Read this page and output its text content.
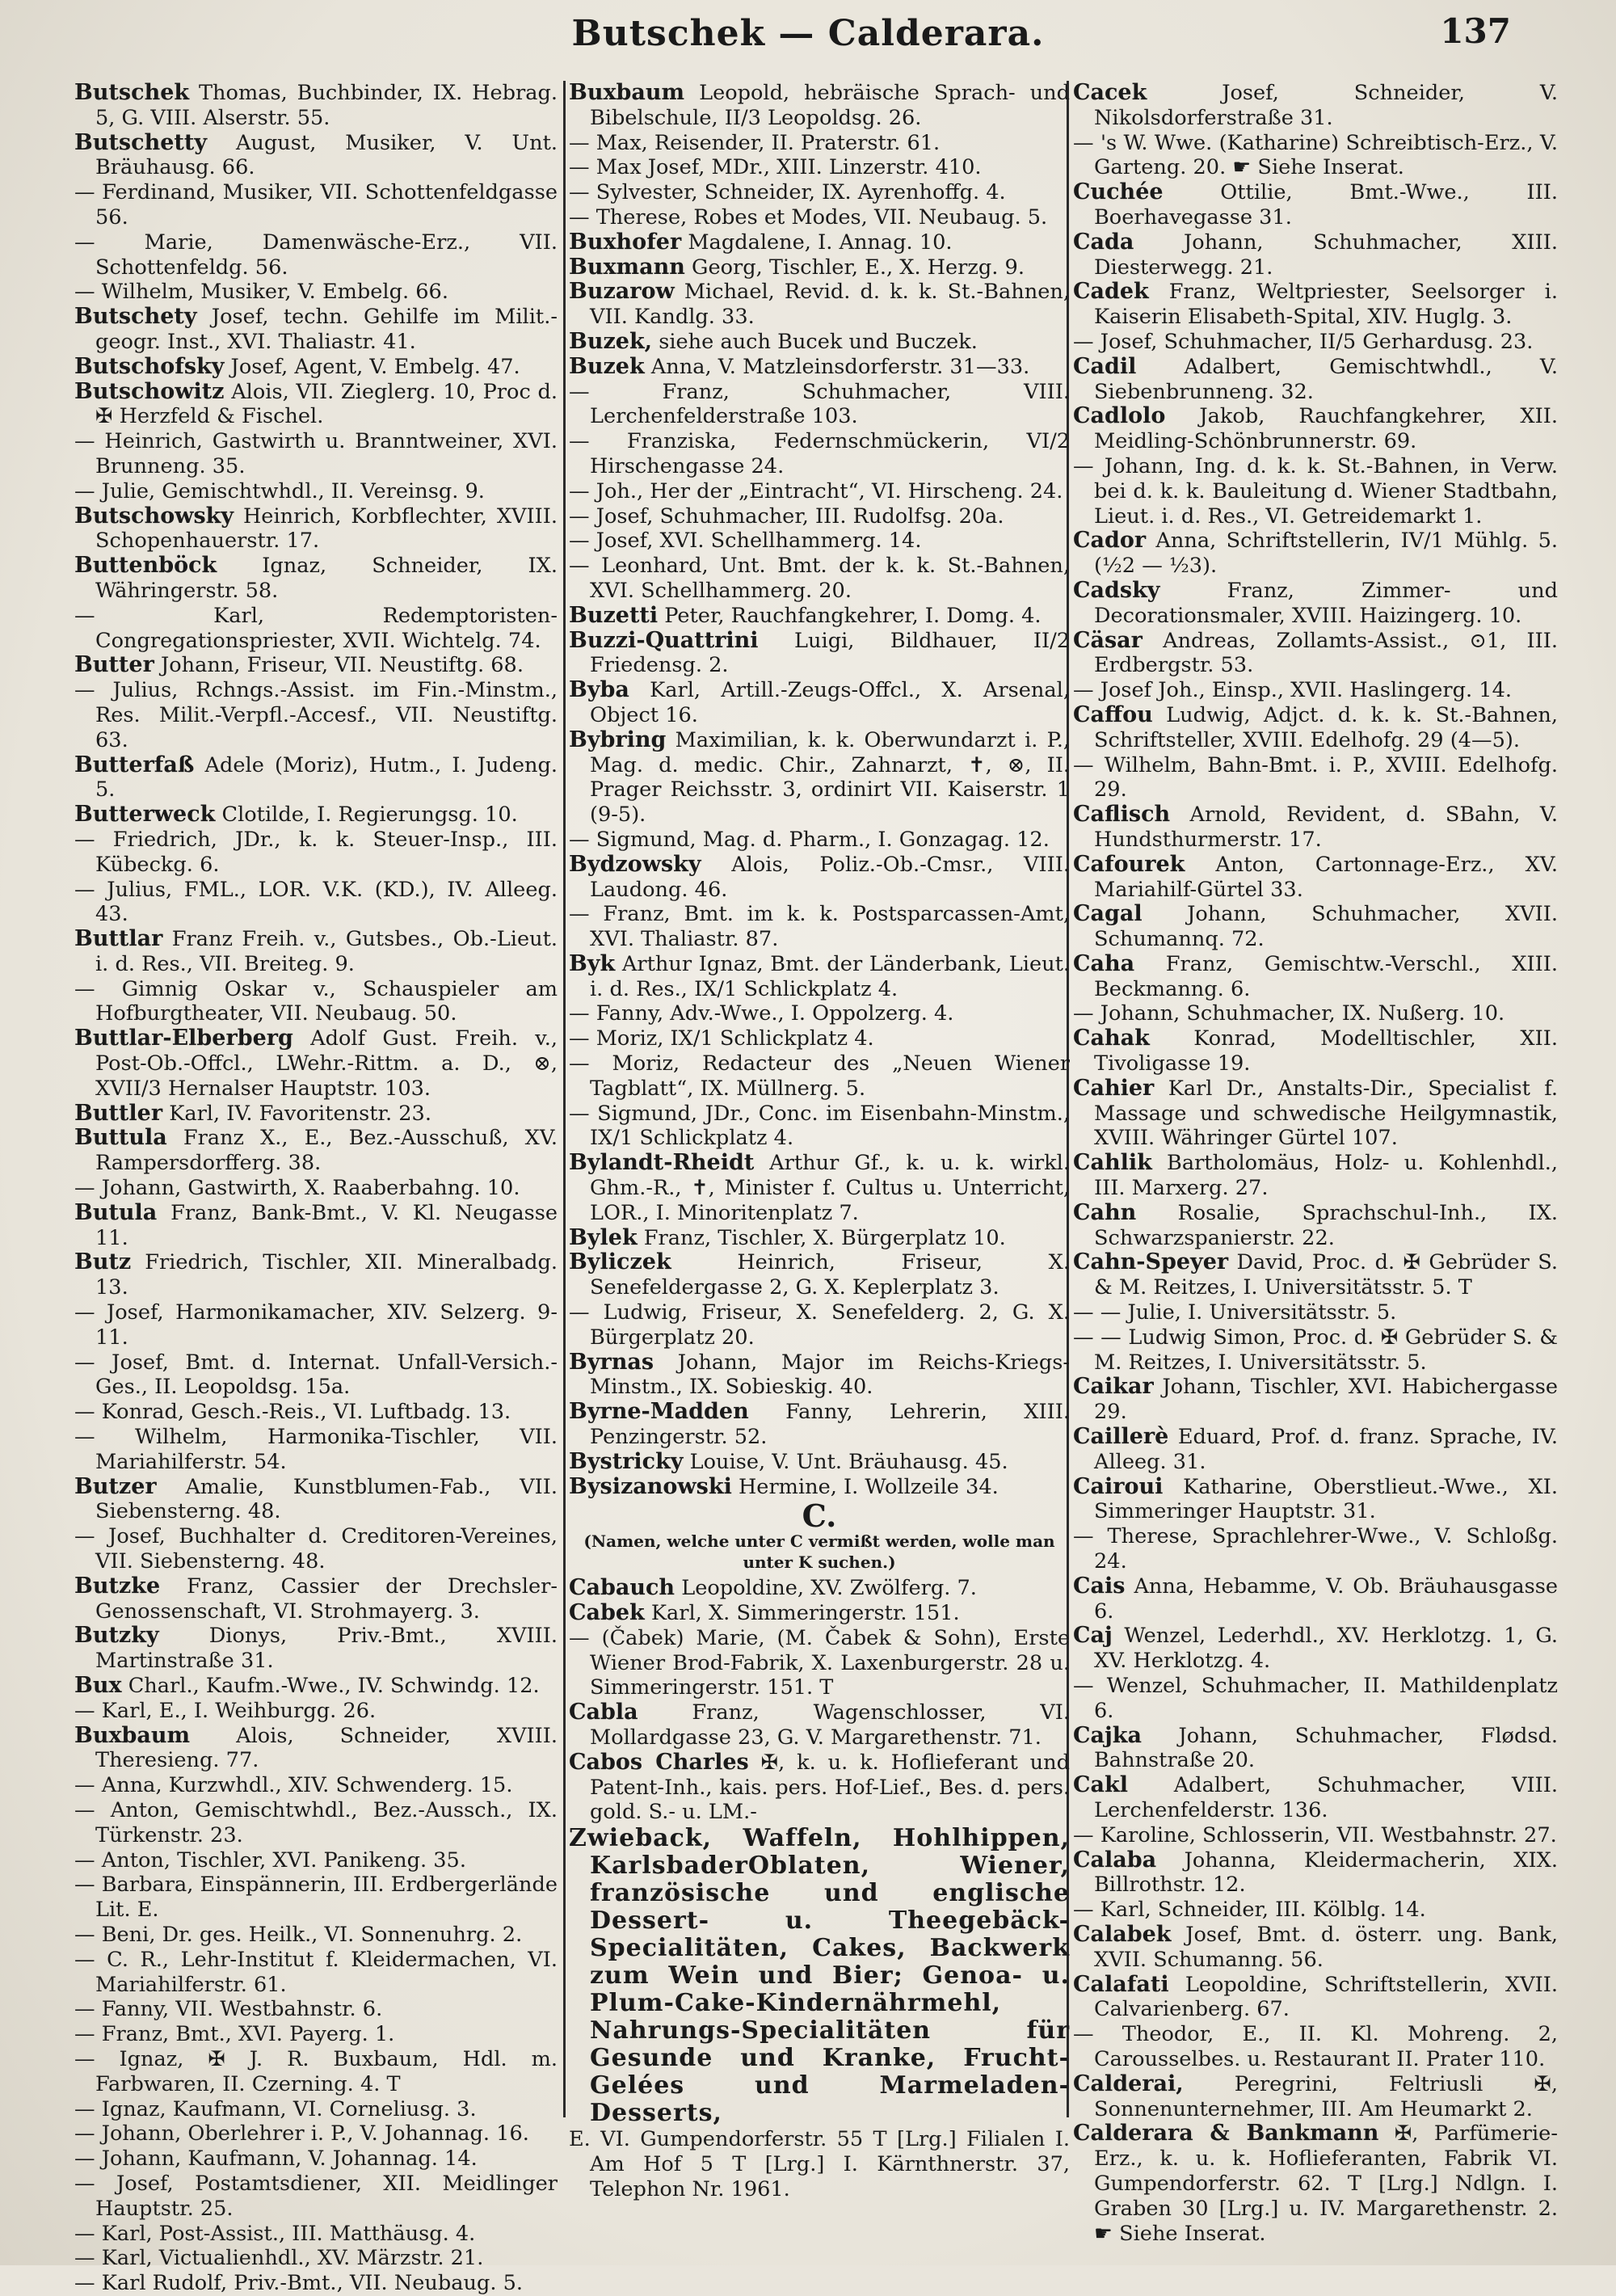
Butschek — Calderara.	137

Butschek Thomas, Buchbinder, IX. Hebrag. 5, G. VIII. Alserstr. 55.

Butschetty August, Musiker, V. Unt. Bräuhausg. 66.

— Ferdinand, Musiker, VII. Schottenfeldgasse 56.

— Marie, Damenwäsche-Erz., VII. Schottenfeldg. 56.

— Wilhelm, Musiker, V. Embelg. 66.

Butschety Josef, techn. Gehilfe im Milit.-geogr. Inst., XVI. Thaliastr. 41.

Butschofsky Josef, Agent, V. Embelg. 47.

Butschowitz Alois, VII. Zieglerg. 10, Proc d. ✠ Herzfeld & Fischel.

— Heinrich, Gastwirth u. Branntweiner, XVI. Brunneng. 35.

— Julie, Gemischtwhdl., II. Vereinsg. 9.

Butschowsky Heinrich, Korbflechter, XVIII. Schopenhauerstr. 17.

Buttenböck Ignaz, Schneider, IX. Währingerstr. 58.

— Karl, Redemptoristen-Congregationspriester, XVII. Wichtelg. 74.

Butter Johann, Friseur, VII. Neustiftg. 68.

— Julius, Rchngs.-Assist. im Fin.-Minstm., Res. Milit.-Verpfl.-Accesf., VII. Neustiftg. 63.

Butterfaß Adele (Moriz), Hutm., I. Judeng. 5.

Butterweck Clotilde, I. Regierungsg. 10.

— Friedrich, JDr., k. k. Steuer-Insp., III. Kübeckg. 6.

— Julius, FML., LOR. V.K. (KD.), IV. Alleeg. 43.

Buttlar Franz Freih. v., Gutsbes., Ob.-Lieut. i. d. Res., VII. Breiteg. 9.

— Gimnig Oskar v., Schauspieler am Hofburgtheater, VII. Neubaug. 50.

Buttlar-Elberberg Adolf Gust. Freih. v., Post-Ob.-Offcl., LWehr.-Rittm. a. D., ⊗, XVII/3 Hernalser Hauptstr. 103.

Buttler Karl, IV. Favoritenstr. 23.

Buttula Franz X., E., Bez.-Ausschuß, XV. Rampersdorfferg. 38.

— Johann, Gastwirth, X. Raaberbahng. 10.

Butula Franz, Bank-Bmt., V. Kl. Neugasse 11.

Butz Friedrich, Tischler, XII. Mineralbadg. 13.

— Josef, Harmonikamacher, XIV. Selzerg. 9-11.

— Josef, Bmt. d. Internat. Unfall-Versich.-Ges., II. Leopoldsg. 15a.

— Konrad, Gesch.-Reis., VI. Luftbadg. 13.

— Wilhelm, Harmonika-Tischler, VII. Mariahilferstr. 54.

Butzer Amalie, Kunstblumen-Fab., VII. Siebensterng. 48.

— Josef, Buchhalter d. Creditoren-Vereines, VII. Siebensterng. 48.

Butzke Franz, Cassier der Drechsler-Genossenschaft, VI. Strohmayerg. 3.

Butzky Dionys, Priv.-Bmt., XVIII. Martinstraße 31.

Bux Charl., Kaufm.-Wwe., IV. Schwindg. 12.

— Karl, E., I. Weihburgg. 26.

Buxbaum Alois, Schneider, XVIII. Theresieng. 77.

— Anna, Kurzwhdl., XIV. Schwenderg. 15.

— Anton, Gemischtwhdl., Bez.-Aussch., IX. Türkenstr. 23.

— Anton, Tischler, XVI. Panikeng. 35.

— Barbara, Einspännerin, III. Erdbergerlände Lit. E.

— Beni, Dr. ges. Heilk., VI. Sonnenuhrg. 2.

— C. R., Lehr-Institut f. Kleidermachen, VI. Mariahilferstr. 61.

— Fanny, VII. Westbahnstr. 6.

— Franz, Bmt., XVI. Payerg. 1.

— Ignaz, ✠ J. R. Buxbaum, Hdl. m. Farbwaren, II. Czerning. 4. T

— Ignaz, Kaufmann, VI. Corneliusg. 3.

— Johann, Oberlehrer i. P., V. Johannag. 16.

— Johann, Kaufmann, V. Johannag. 14.

— Josef, Postamtsdiener, XII. Meidlinger Hauptstr. 25.

— Karl, Post-Assist., III. Matthäusg. 4.

— Karl, Victualienhdl., XV. Märzstr. 21.

— Karl Rudolf, Priv.-Bmt., VII. Neubaug. 5.

Buxbaum Leopold, hebräische Sprach- und Bibelschule, II/3 Leopoldsg. 26.

— Max, Reisender, II. Praterstr. 61.

— Max Josef, MDr., XIII. Linzerstr. 410.

— Sylvester, Schneider, IX. Ayrenhoffg. 4.

— Therese, Robes et Modes, VII. Neubaug. 5.

Buxhofer Magdalene, I. Annag. 10.

Buxmann Georg, Tischler, E., X. Herzg. 9.

Buzarow Michael, Revid. d. k. k. St.-Bahnen, VII. Kandlg. 33.

Buzek, siehe auch Bucek und Buczek.

Buzek Anna, V. Matzleinsdorferstr. 31—33.

— Franz, Schuhmacher, VIII. Lerchenfelderstraße 103.

— Franziska, Federnschmückerin, VI/2 Hirschengasse 24.

— Joh., Her der „Eintracht“, VI. Hirscheng. 24.

— Josef, Schuhmacher, III. Rudolfsg. 20a.

— Josef, XVI. Schellhammerg. 14.

— Leonhard, Unt. Bmt. der k. k. St.-Bahnen, XVI. Schellhammerg. 20.

Buzetti Peter, Rauchfangkehrer, I. Domg. 4.

Buzzi-Quattrini Luigi, Bildhauer, II/2 Friedensg. 2.

Byba Karl, Artill.-Zeugs-Offcl., X. Arsenal, Object 16.

Bybring Maximilian, k. k. Oberwundarzt i. P., Mag. d. medic. Chir., Zahnarzt, ✝, ⊗, II. Prager Reichsstr. 3, ordinirt VII. Kaiserstr. 1 (9-5).

— Sigmund, Mag. d. Pharm., I. Gonzagag. 12.

Bydzowsky Alois, Poliz.-Ob.-Cmsr., VIII. Laudong. 46.

— Franz, Bmt. im k. k. Postsparcassen-Amt, XVI. Thaliastr. 87.

Byk Arthur Ignaz, Bmt. der Länderbank, Lieut. i. d. Res., IX/1 Schlickplatz 4.

— Fanny, Adv.-Wwe., I. Oppolzerg. 4.

— Moriz, IX/1 Schlickplatz 4.

— Moriz, Redacteur des „Neuen Wiener Tagblatt“, IX. Müllnerg. 5.

— Sigmund, JDr., Conc. im Eisenbahn-Minstm., IX/1 Schlickplatz 4.

Bylandt-Rheidt Arthur Gf., k. u. k. wirkl. Ghm.-R., ✝, Minister f. Cultus u. Unterricht, LOR., I. Minoritenplatz 7.

Bylek Franz, Tischler, X. Bürgerplatz 10.

Byliczek Heinrich, Friseur, X. Senefeldergasse 2, G. X. Keplerplatz 3.

— Ludwig, Friseur, X. Senefelderg. 2, G. X. Bürgerplatz 20.

Byrnas Johann, Major im Reichs-Kriegs-Minstm., IX. Sobieskig. 40.

Byrne-Madden Fanny, Lehrerin, XIII. Penzingerstr. 52.

Bystricky Louise, V. Unt. Bräuhausg. 45.

Bysizanowski Hermine, I. Wollzeile 34.

C.
(Namen, welche unter C vermißt werden, wolle man unter K suchen.)

Cabauch Leopoldine, XV. Zwölferg. 7.

Cabek Karl, X. Simmeringerstr. 151.

— (Čabek) Marie, (M. Čabek & Sohn), Erste Wiener Brod-Fabrik, X. Laxenburgerstr. 28 u. Simmeringerstr. 151. T

Cabla Franz, Wagenschlosser, VI. Mollardgasse 23, G. V. Margarethenstr. 71.

Cabos Charles ✠, k. u. k. Hoflieferant und Patent-Inh., kais. pers. Hof-Lief., Bes. d. pers. gold. S.- u. LM.-

Zwieback, Waffeln, Hohlhippen, KarlsbaderOblaten, Wiener, französische und englische Dessert- u. Theegebäck-Specialitäten, Cakes, Backwerk zum Wein und Bier; Genoa- u. Plum-Cake-Kindernährmehl, Nahrungs-Specialitäten für Gesunde und Kranke, Frucht-Gelées und Marmeladen-Desserts,

E. VI. Gumpendorferstr. 55 T [Lrg.] Filialen I. Am Hof 5 T [Lrg.] I. Kärnthnerstr. 37, Telephon Nr. 1961.

Cacek Josef, Schneider, V. Nikolsdorferstraße 31.

— 's W. Wwe. (Katharine) Schreibtisch-Erz., V. Garteng. 20. ☛ Siehe Inserat.

Cuchée Ottilie, Bmt.-Wwe., III. Boerhavegasse 31.

Cada Johann, Schuhmacher, XIII. Diesterwegg. 21.

Cadek Franz, Weltpriester, Seelsorger i. Kaiserin Elisabeth-Spital, XIV. Huglg. 3.

— Josef, Schuhmacher, II/5 Gerhardusg. 23.

Cadil Adalbert, Gemischtwhdl., V. Siebenbrunneng. 32.

Cadlolo Jakob, Rauchfangkehrer, XII. Meidling-Schönbrunnerstr. 69.

— Johann, Ing. d. k. k. St.-Bahnen, in Verw. bei d. k. k. Bauleitung d. Wiener Stadtbahn, Lieut. i. d. Res., VI. Getreidemarkt 1.

Cador Anna, Schriftstellerin, IV/1 Mühlg. 5. (½2 — ½3).

Cadsky Franz, Zimmer- und Decorationsmaler, XVIII. Haizingerg. 10.

Cäsar Andreas, Zollamts-Assist., ⊙1, III. Erdbergstr. 53.

— Josef Joh., Einsp., XVII. Haslingerg. 14.

Caffou Ludwig, Adjct. d. k. k. St.-Bahnen, Schriftsteller, XVIII. Edelhofg. 29 (4—5).

— Wilhelm, Bahn-Bmt. i. P., XVIII. Edelhofg. 29.

Caflisch Arnold, Revident, d. SBahn, V. Hundsthurmerstr. 17.

Cafourek Anton, Cartonnage-Erz., XV. Mariahilf-Gürtel 33.

Cagal Johann, Schuhmacher, XVII. Schumannq. 72.

Caha Franz, Gemischtw.-Verschl., XIII. Beckmanng. 6.

— Johann, Schuhmacher, IX. Nußerg. 10.

Cahak Konrad, Modelltischler, XII. Tivoligasse 19.

Cahier Karl Dr., Anstalts-Dir., Specialist f. Massage und schwedische Heilgymnastik, XVIII. Währinger Gürtel 107.

Cahlik Bartholomäus, Holz- u. Kohlenhdl., III. Marxerg. 27.

Cahn Rosalie, Sprachschul-Inh., IX. Schwarzspanierstr. 22.

Cahn-Speyer David, Proc. d. ✠ Gebrüder S. & M. Reitzes, I. Universitätsstr. 5. T

— — Julie, I. Universitätsstr. 5.

— — Ludwig Simon, Proc. d. ✠ Gebrüder S. & M. Reitzes, I. Universitätsstr. 5.

Caikar Johann, Tischler, XVI. Habichergasse 29.

Caillerè Eduard, Prof. d. franz. Sprache, IV. Alleeg. 31.

Cairoui Katharine, Oberstlieut.-Wwe., XI. Simmeringer Hauptstr. 31.

— Therese, Sprachlehrer-Wwe., V. Schloßg. 24.

Cais Anna, Hebamme, V. Ob. Bräuhausgasse 6.

Caj Wenzel, Lederhdl., XV. Herklotzg. 1, G. XV. Herklotzg. 4.

— Wenzel, Schuhmacher, II. Mathildenplatz 6.

Cajka Johann, Schuhmacher, Flødsd. Bahnstraße 20.

Cakl Adalbert, Schuhmacher, VIII. Lerchenfelderstr. 136.

— Karoline, Schlosserin, VII. Westbahnstr. 27.

Calaba Johanna, Kleidermacherin, XIX. Billrothstr. 12.

— Karl, Schneider, III. Kölblg. 14.

Calabek Josef, Bmt. d. österr. ung. Bank, XVII. Schumanng. 56.

Calafati Leopoldine, Schriftstellerin, XVII. Calvarienberg. 67.

— Theodor, E., II. Kl. Mohreng. 2, Carousselbes. u. Restaurant II. Prater 110.

Calderai, Peregrini, Feltriusli ✠, Sonnenunternehmer, III. Am Heumarkt 2.

Calderara & Bankmann ✠, Parfümerie-Erz., k. u. k. Hoflieferanten, Fabrik VI. Gumpendorferstr. 62. T [Lrg.] Ndlgn. I. Graben 30 [Lrg.] u. IV. Margarethenstr. 2. ☛ Siehe Inserat.
